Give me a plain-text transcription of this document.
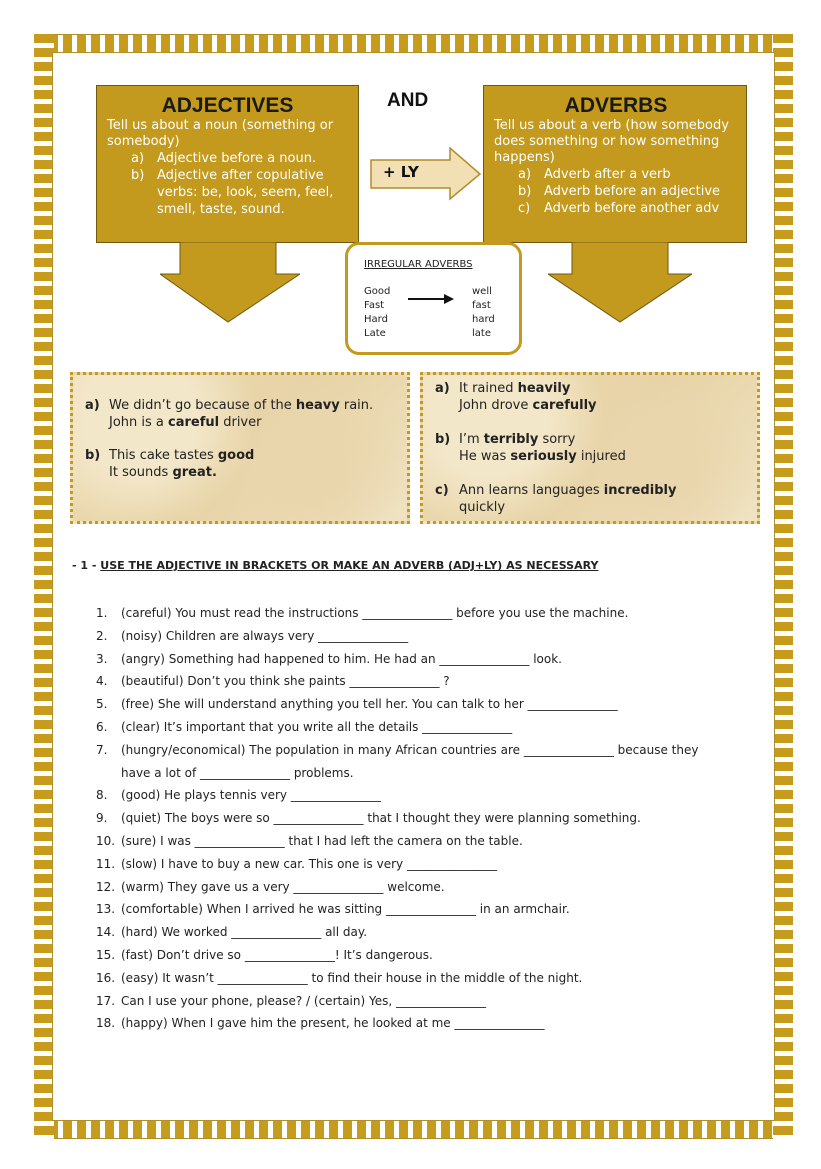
ADJECTIVES

Tell us about a noun (something or somebody)

a) Adjective before a noun.
b) Adjective after copulative verbs: be, look, seem, feel, smell, taste, sound.
AND
+ LY
ADVERBS

Tell us about a verb (how somebody does something or how something happens)

a) Adverb after a verb
b) Adverb before an adjective
c) Adverb before another adv
IRREGULAR ADVERBS
Good
Fast
Hard
Late
well
fast
hard
late
a) We didn’t go because of the heavy rain.
John is a careful driver
b) This cake tastes good
It sounds great.
a) It rained heavily
John drove carefully
b) I’m terribly sorry
He was seriously injured
c) Ann learns languages incredibly
quickly
- 1 - USE THE ADJECTIVE IN BRACKETS OR MAKE AN ADVERB (ADJ+LY) AS NECESSARY
1. (careful) You must read the instructions _______________ before you use the machine.
2. (noisy) Children are always very _______________
3. (angry) Something had happened to him. He had an _______________ look.
4. (beautiful) Don’t you think she paints _______________ ?
5. (free) She will understand anything you tell her. You can talk to her _______________
6. (clear) It’s important that you write all the details _______________
7. (hungry/economical) The population in many African countries are _______________ because they
have a lot of _______________ problems.
8. (good) He plays tennis very _______________
9. (quiet) The boys were so _______________ that I thought they were planning something.
10. (sure) I was _______________ that I had left the camera on the table.
11. (slow) I have to buy a new car. This one is very _______________
12. (warm) They gave us a very _______________ welcome.
13. (comfortable) When I arrived he was sitting _______________ in an armchair.
14. (hard) We worked _______________ all day.
15. (fast) Don’t drive so _______________! It’s dangerous.
16. (easy) It wasn’t _______________ to find their house in the middle of the night.
17. Can I use your phone, please? / (certain) Yes, _______________
18. (happy) When I gave him the present, he looked at me _______________
